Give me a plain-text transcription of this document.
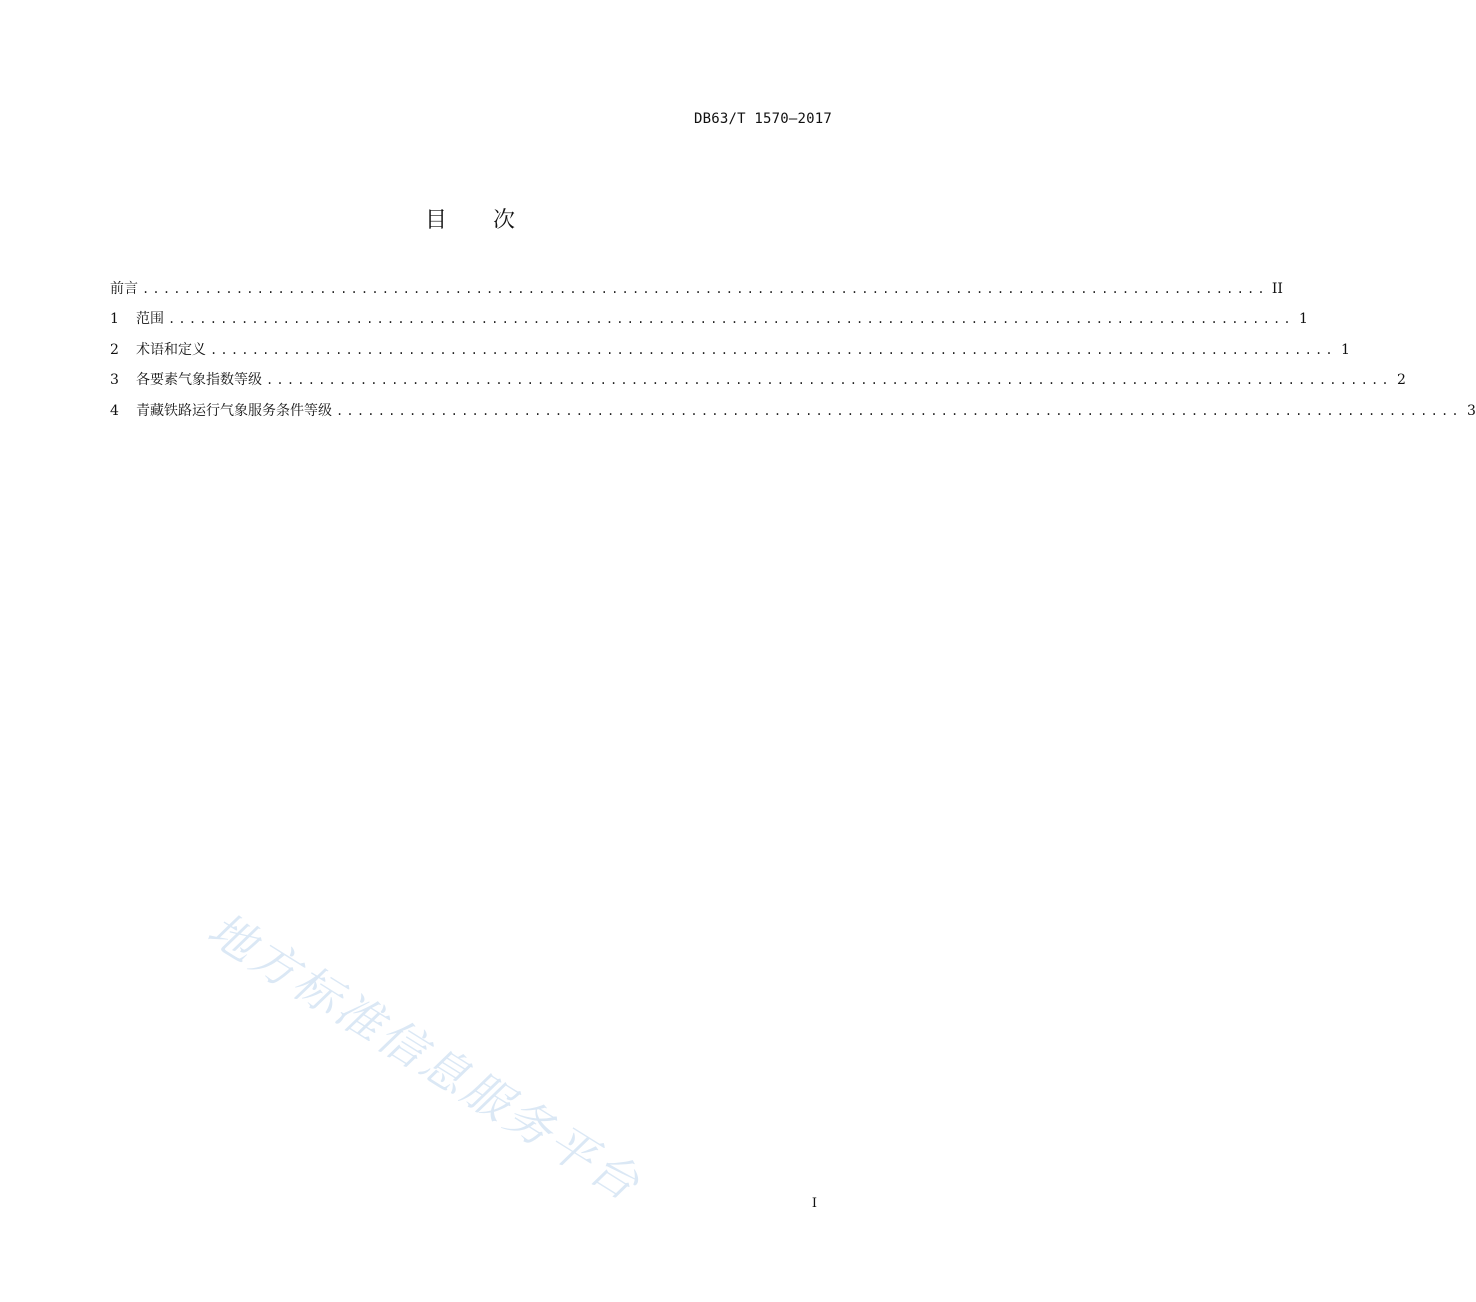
DB63/T 1570—2017
目 次
前言 ............................................................................................................ II
1	范围 ............................................................................................................ 1
2	术语和定义 ............................................................................................................ 1
3	各要素气象指数等级 ............................................................................................................ 2
4	青藏铁路运行气象服务条件等级 ............................................................................................................ 3
地方标准信息服务平台	I
